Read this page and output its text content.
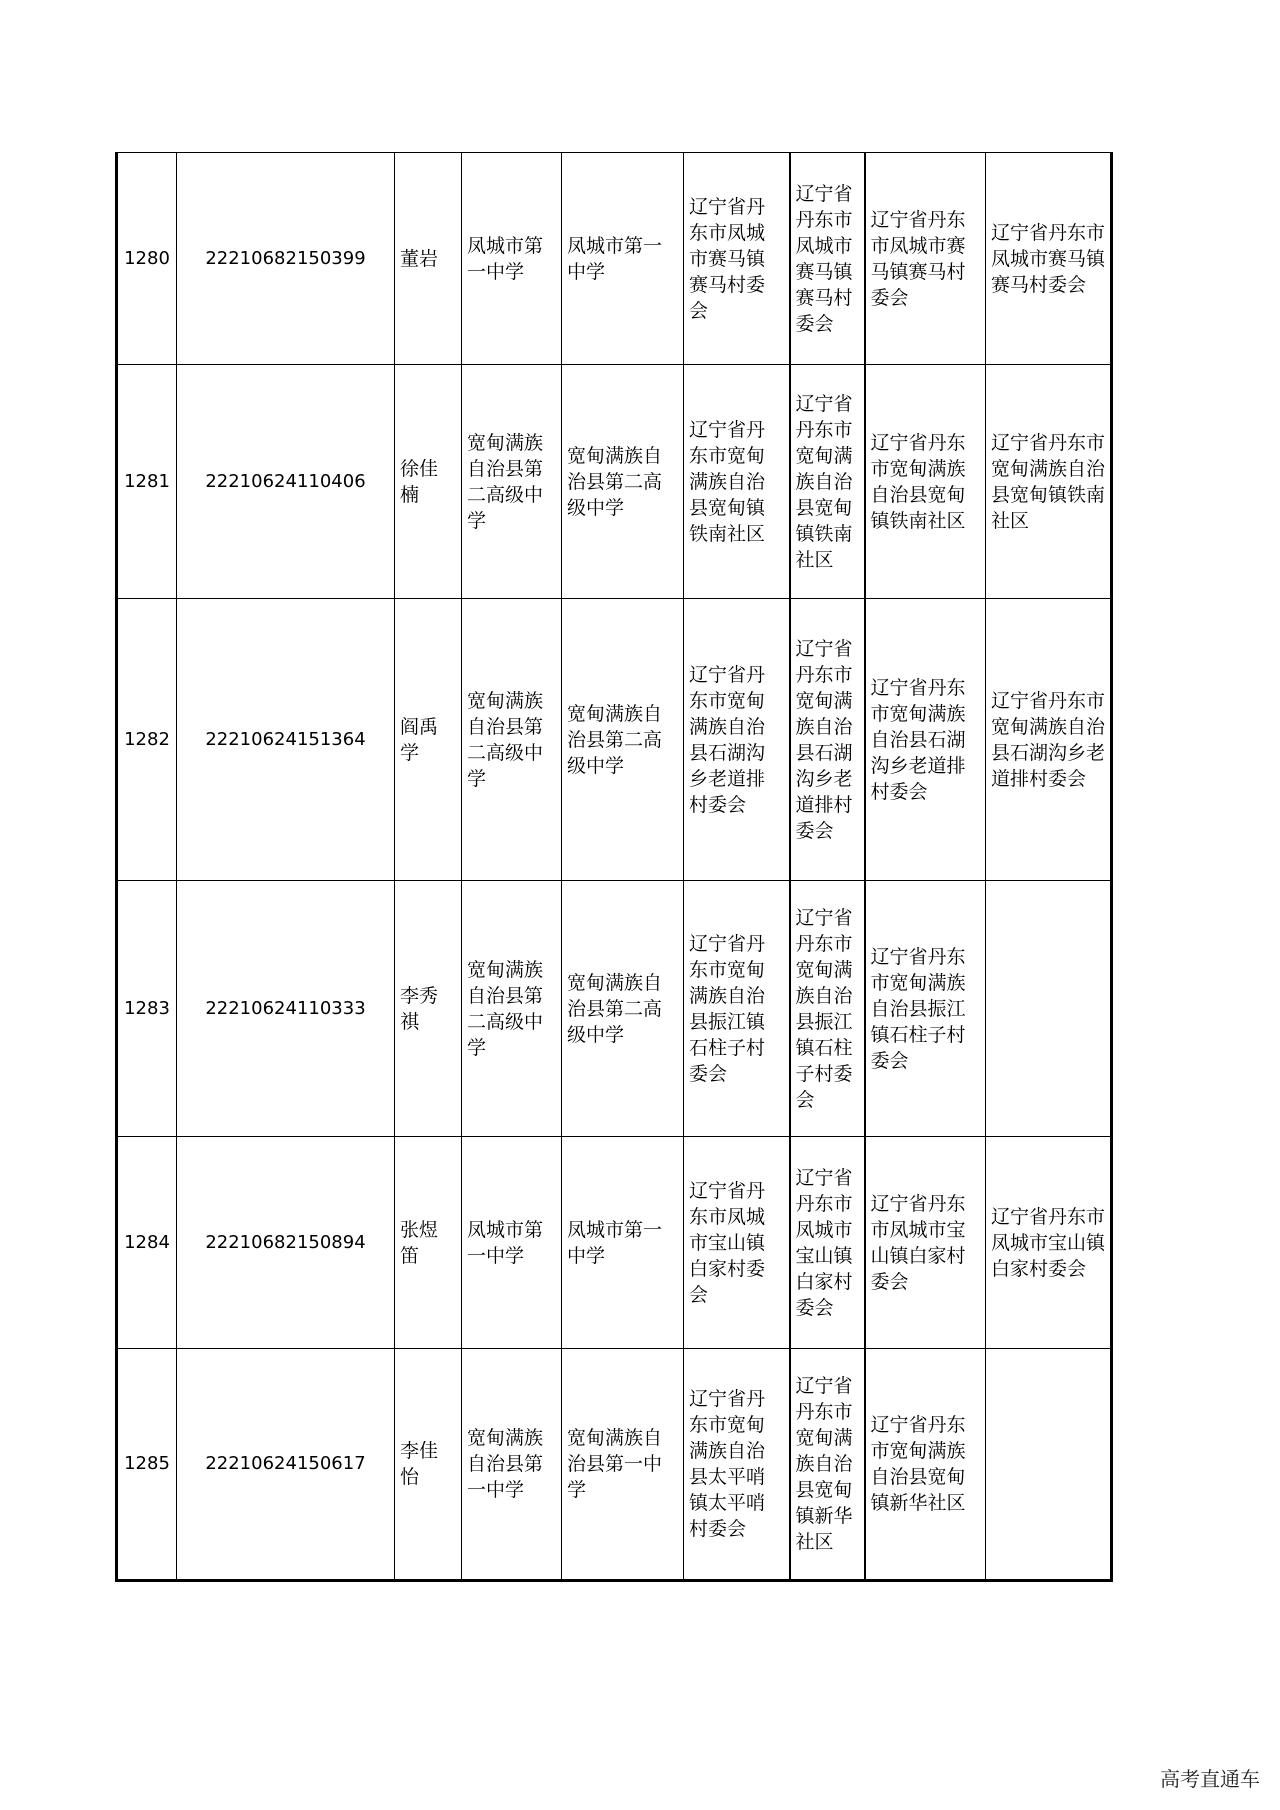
1280	22210682150399	董岩	凤城市第一中学	凤城市第一中学	辽宁省丹东市凤城市赛马镇赛马村委会	辽宁省丹东市凤城市赛马镇赛马村委会	辽宁省丹东市凤城市赛马镇赛马村委会	辽宁省丹东市凤城市赛马镇赛马村委会
1281	22210624110406	徐佳楠	宽甸满族自治县第二高级中学	宽甸满族自治县第二高级中学	辽宁省丹东市宽甸满族自治县宽甸镇铁南社区	辽宁省丹东市宽甸满族自治县宽甸镇铁南社区	辽宁省丹东市宽甸满族自治县宽甸镇铁南社区	辽宁省丹东市宽甸满族自治县宽甸镇铁南社区
1282	22210624151364	阎禹学	宽甸满族自治县第二高级中学	宽甸满族自治县第二高级中学	辽宁省丹东市宽甸满族自治县石湖沟乡老道排村委会	辽宁省丹东市宽甸满族自治县石湖沟乡老道排村委会	辽宁省丹东市宽甸满族自治县石湖沟乡老道排村委会	辽宁省丹东市宽甸满族自治县石湖沟乡老道排村委会
1283	22210624110333	李秀祺	宽甸满族自治县第二高级中学	宽甸满族自治县第二高级中学	辽宁省丹东市宽甸满族自治县振江镇石柱子村委会	辽宁省丹东市宽甸满族自治县振江镇石柱子村委会	辽宁省丹东市宽甸满族自治县振江镇石柱子村委会	
1284	22210682150894	张煜笛	凤城市第一中学	凤城市第一中学	辽宁省丹东市凤城市宝山镇白家村委会	辽宁省丹东市凤城市宝山镇白家村委会	辽宁省丹东市凤城市宝山镇白家村委会	辽宁省丹东市凤城市宝山镇白家村委会
1285	22210624150617	李佳怡	宽甸满族自治县第一中学	宽甸满族自治县第一中学	辽宁省丹东市宽甸满族自治县太平哨镇太平哨村委会	辽宁省丹东市宽甸满族自治县宽甸镇新华社区	辽宁省丹东市宽甸满族自治县宽甸镇新华社区	
高考直通车
